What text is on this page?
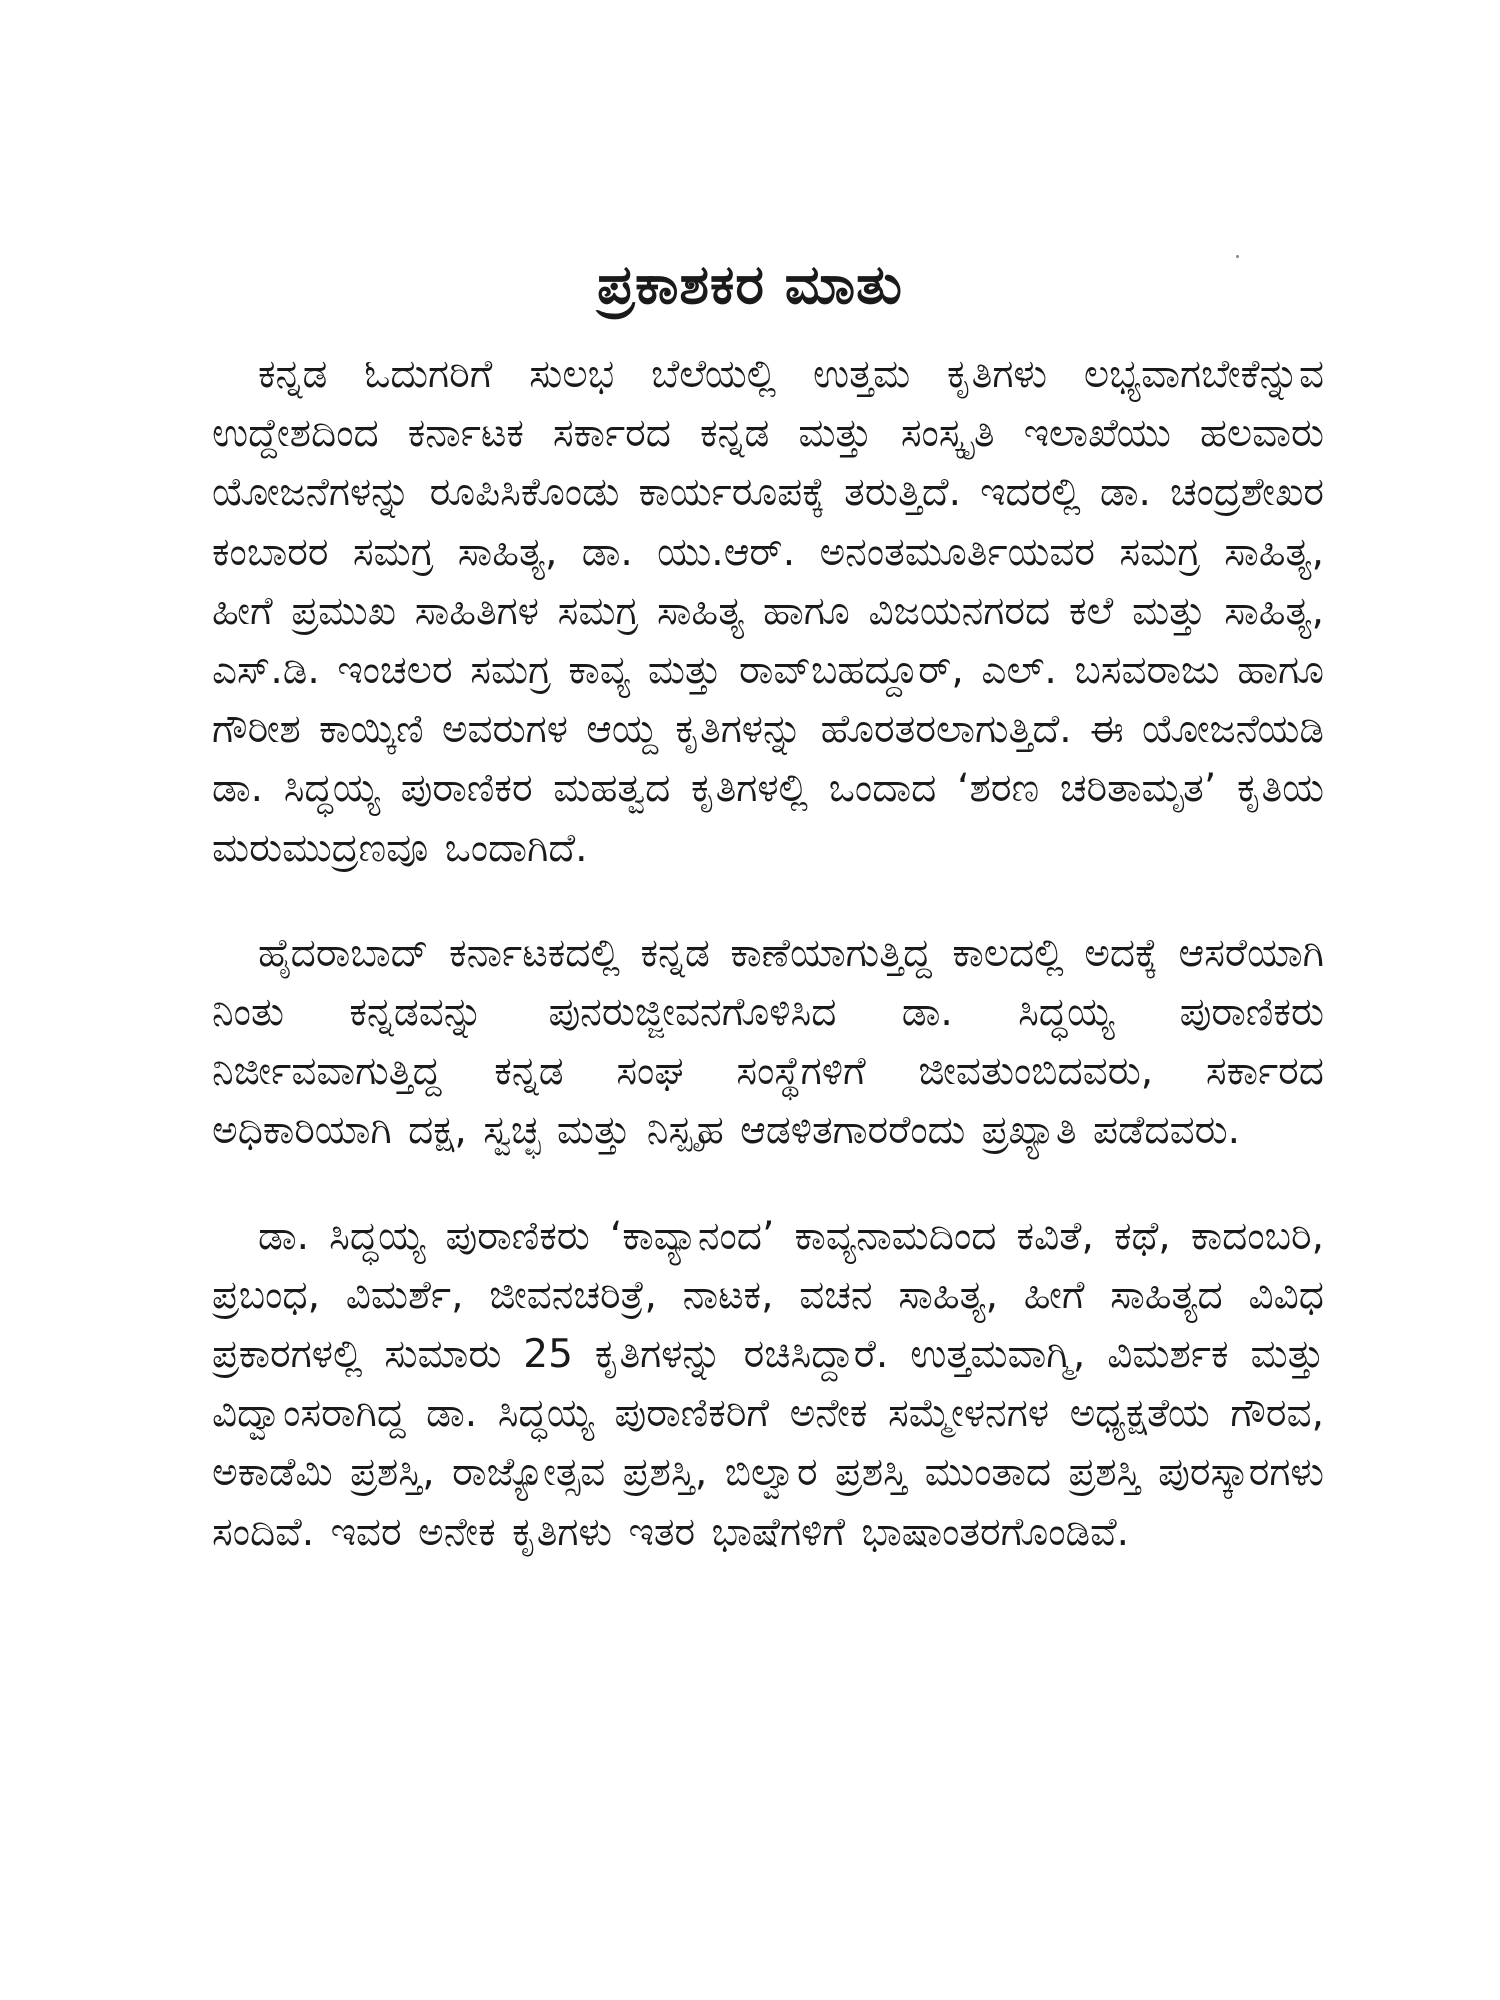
ಪ್ರಕಾಶಕರ ಮಾತು

ಕನ್ನಡ ಓದುಗರಿಗೆ ಸುಲಭ ಬೆಲೆಯಲ್ಲಿ ಉತ್ತಮ ಕೃತಿಗಳು ಲಭ್ಯವಾಗಬೇಕೆನ್ನುವ ಉದ್ದೇಶದಿಂದ ಕರ್ನಾಟಕ ಸರ್ಕಾರದ ಕನ್ನಡ ಮತ್ತು ಸಂಸ್ಕೃತಿ ಇಲಾಖೆಯು ಹಲವಾರು ಯೋಜನೆಗಳನ್ನು ರೂಪಿಸಿಕೊಂಡು ಕಾರ್ಯರೂಪಕ್ಕೆ ತರುತ್ತಿದೆ. ಇದರಲ್ಲಿ ಡಾ. ಚಂದ್ರಶೇಖರ ಕಂಬಾರರ ಸಮಗ್ರ ಸಾಹಿತ್ಯ, ಡಾ. ಯು.ಆರ್. ಅನಂತಮೂರ್ತಿಯವರ ಸಮಗ್ರ ಸಾಹಿತ್ಯ, ಹೀಗೆ ಪ್ರಮುಖ ಸಾಹಿತಿಗಳ ಸಮಗ್ರ ಸಾಹಿತ್ಯ ಹಾಗೂ ವಿಜಯನಗರದ ಕಲೆ ಮತ್ತು ಸಾಹಿತ್ಯ, ಎಸ್.ಡಿ. ಇಂಚಲರ ಸಮಗ್ರ ಕಾವ್ಯ ಮತ್ತು ರಾವ್‌ಬಹದ್ದೂರ್, ಎಲ್. ಬಸವರಾಜು ಹಾಗೂ ಗೌರೀಶ ಕಾಯ್ಕಿಣಿ ಅವರುಗಳ ಆಯ್ದ ಕೃತಿಗಳನ್ನು ಹೊರತರಲಾಗುತ್ತಿದೆ. ಈ ಯೋಜನೆಯಡಿ ಡಾ. ಸಿದ್ಧಯ್ಯ ಪುರಾಣಿಕರ ಮಹತ್ವದ ಕೃತಿಗಳಲ್ಲಿ ಒಂದಾದ ‘ಶರಣ ಚರಿತಾಮೃತ’ ಕೃತಿಯ ಮರುಮುದ್ರಣವೂ ಒಂದಾಗಿದೆ.

ಹೈದರಾಬಾದ್ ಕರ್ನಾಟಕದಲ್ಲಿ ಕನ್ನಡ ಕಾಣೆಯಾಗುತ್ತಿದ್ದ ಕಾಲದಲ್ಲಿ ಅದಕ್ಕೆ ಆಸರೆಯಾಗಿ ನಿಂತು ಕನ್ನಡವನ್ನು ಪುನರುಜ್ಜೀವನಗೊಳಿಸಿದ ಡಾ. ಸಿದ್ಧಯ್ಯ ಪುರಾಣಿಕರು ನಿರ್ಜೀವವಾಗುತ್ತಿದ್ದ ಕನ್ನಡ ಸಂಘ ಸಂಸ್ಥೆಗಳಿಗೆ ಜೀವತುಂಬಿದವರು, ಸರ್ಕಾರದ ಅಧಿಕಾರಿಯಾಗಿ ದಕ್ಷ, ಸ್ವಚ್ಛ ಮತ್ತು ನಿಸ್ಪೃಹ ಆಡಳಿತಗಾರರೆಂದು ಪ್ರಖ್ಯಾತಿ ಪಡೆದವರು.

ಡಾ. ಸಿದ್ಧಯ್ಯ ಪುರಾಣಿಕರು ‘ಕಾವ್ಯಾನಂದ’ ಕಾವ್ಯನಾಮದಿಂದ ಕವಿತೆ, ಕಥೆ, ಕಾದಂಬರಿ, ಪ್ರಬಂಧ, ವಿಮರ್ಶೆ, ಜೀವನಚರಿತ್ರೆ, ನಾಟಕ, ವಚನ ಸಾಹಿತ್ಯ, ಹೀಗೆ ಸಾಹಿತ್ಯದ ವಿವಿಧ ಪ್ರಕಾರಗಳಲ್ಲಿ ಸುಮಾರು 25 ಕೃತಿಗಳನ್ನು ರಚಿಸಿದ್ದಾರೆ. ಉತ್ತಮವಾಗ್ಮಿ, ವಿಮರ್ಶಕ ಮತ್ತು ವಿದ್ವಾಂಸರಾಗಿದ್ದ ಡಾ. ಸಿದ್ಧಯ್ಯ ಪುರಾಣಿಕರಿಗೆ ಅನೇಕ ಸಮ್ಮೇಳನಗಳ ಅಧ್ಯಕ್ಷತೆಯ ಗೌರವ, ಅಕಾಡೆಮಿ ಪ್ರಶಸ್ತಿ, ರಾಜ್ಯೋತ್ಸವ ಪ್ರಶಸ್ತಿ, ಬಿಲ್ವಾರ ಪ್ರಶಸ್ತಿ ಮುಂತಾದ ಪ್ರಶಸ್ತಿ ಪುರಸ್ಕಾರಗಳು ಸಂದಿವೆ. ಇವರ ಅನೇಕ ಕೃತಿಗಳು ಇತರ ಭಾಷೆಗಳಿಗೆ ಭಾಷಾಂತರಗೊಂಡಿವೆ.
